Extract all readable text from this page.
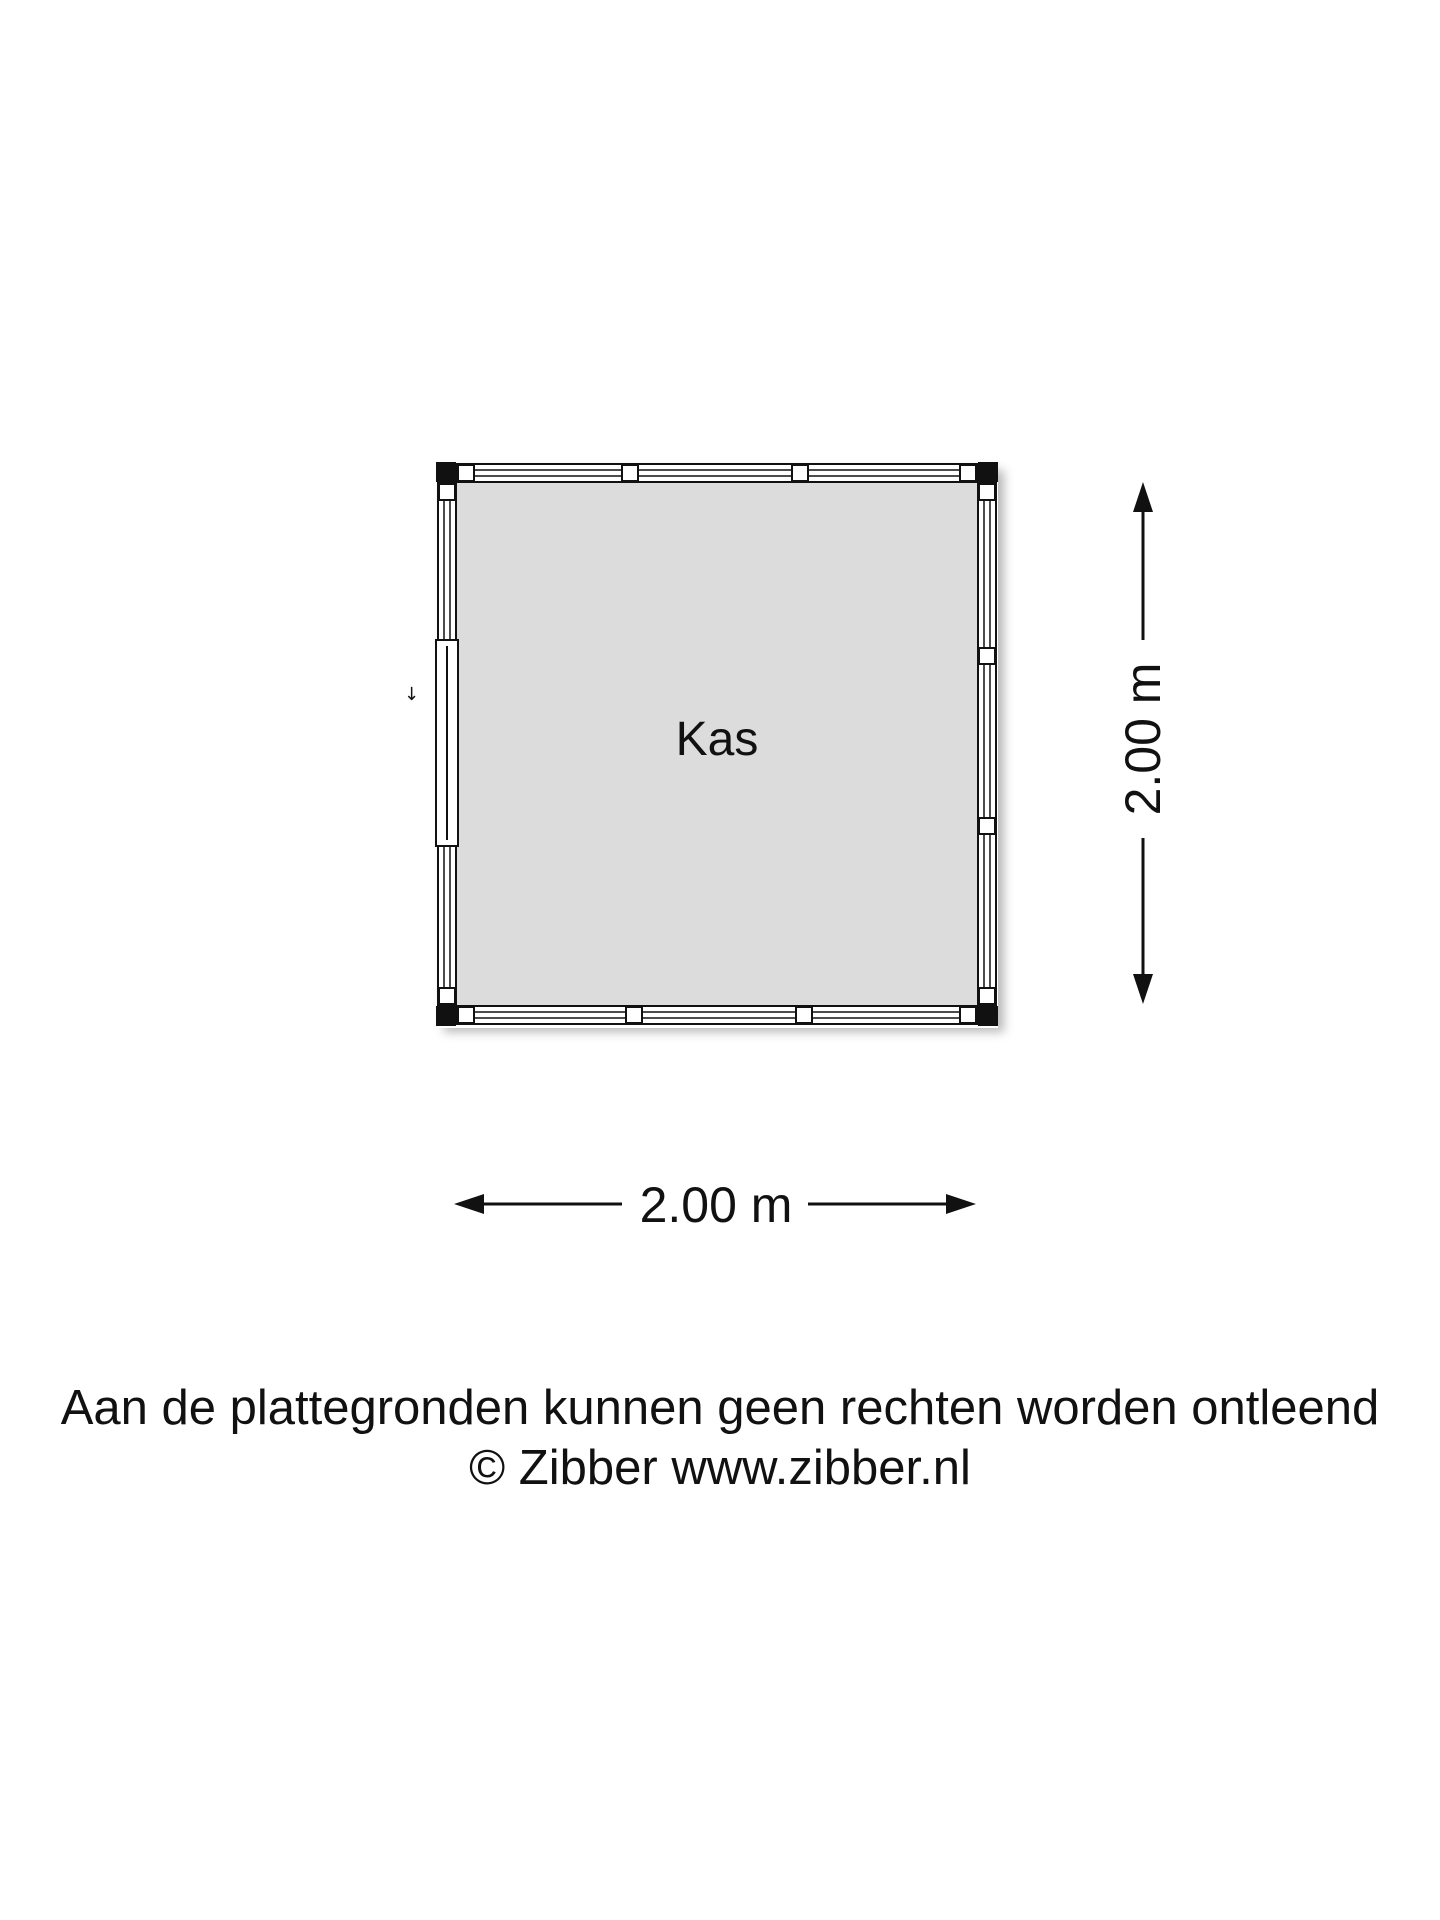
↓
Kas	2.00 m
2.00 m
Aan de plattegronden kunnen geen rechten worden ontleend
© Zibber www.zibber.nl
